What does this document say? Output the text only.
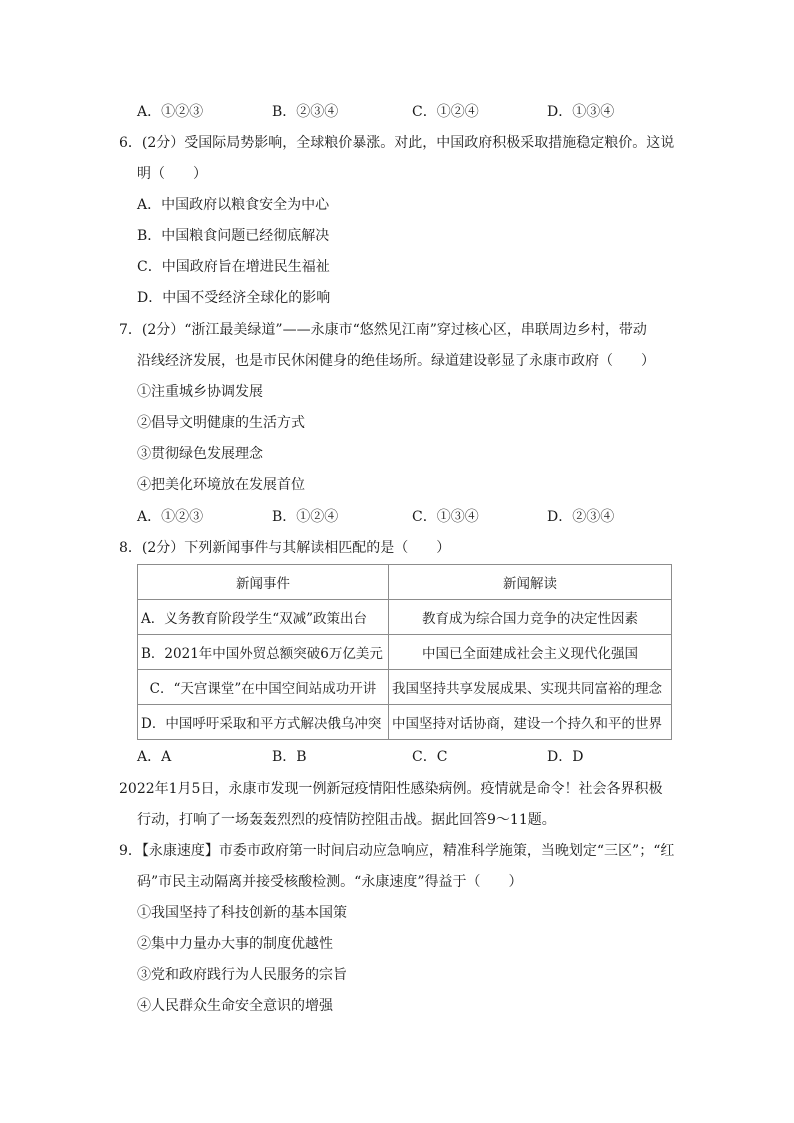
A．①②③	B．②③④	C．①②④	D．①③④
6．(2分）受国际局势影响，全球粮价暴涨。对此，中国政府积极采取措施稳定粮价。这说
明（　　）
A．中国政府以粮食安全为中心
B．中国粮食问题已经彻底解决
C．中国政府旨在增进民生福祉
D．中国不受经济全球化的影响
7．(2分）“浙江最美绿道”——永康市“悠然见江南”穿过核心区，串联周边乡村，带动
沿线经济发展，也是市民休闲健身的绝佳场所。绿道建设彰显了永康市政府（　　）
①注重城乡协调发展
②倡导文明健康的生活方式
③贯彻绿色发展理念
④把美化环境放在发展首位
A．①②③	B．①②④	C．①③④	D．②③④
8．(2分）下列新闻事件与其解读相匹配的是（　　）
新闻事件	新闻解读
A．义务教育阶段学生“双减”政策出台	教育成为综合国力竞争的决定性因素
B．2021年中国外贸总额突破6万亿美元	中国已全面建成社会主义现代化强国
C．“天宫课堂”在中国空间站成功开讲	我国坚持共享发展成果、实现共同富裕的理念
D．中国呼吁采取和平方式解决俄乌冲突	中国坚持对话协商，建设一个持久和平的世界
A．A	B．B	C．C	D．D
2022年1月5日，永康市发现一例新冠疫情阳性感染病例。疫情就是命令！社会各界积极
行动，打响了一场轰轰烈烈的疫情防控阻击战。据此回答9～11题。
9．【永康速度】市委市政府第一时间启动应急响应，精准科学施策，当晚划定“三区”；“红
码”市民主动隔离并接受核酸检测。“永康速度”得益于（　　）
①我国坚持了科技创新的基本国策
②集中力量办大事的制度优越性
③党和政府践行为人民服务的宗旨
④人民群众生命安全意识的增强
